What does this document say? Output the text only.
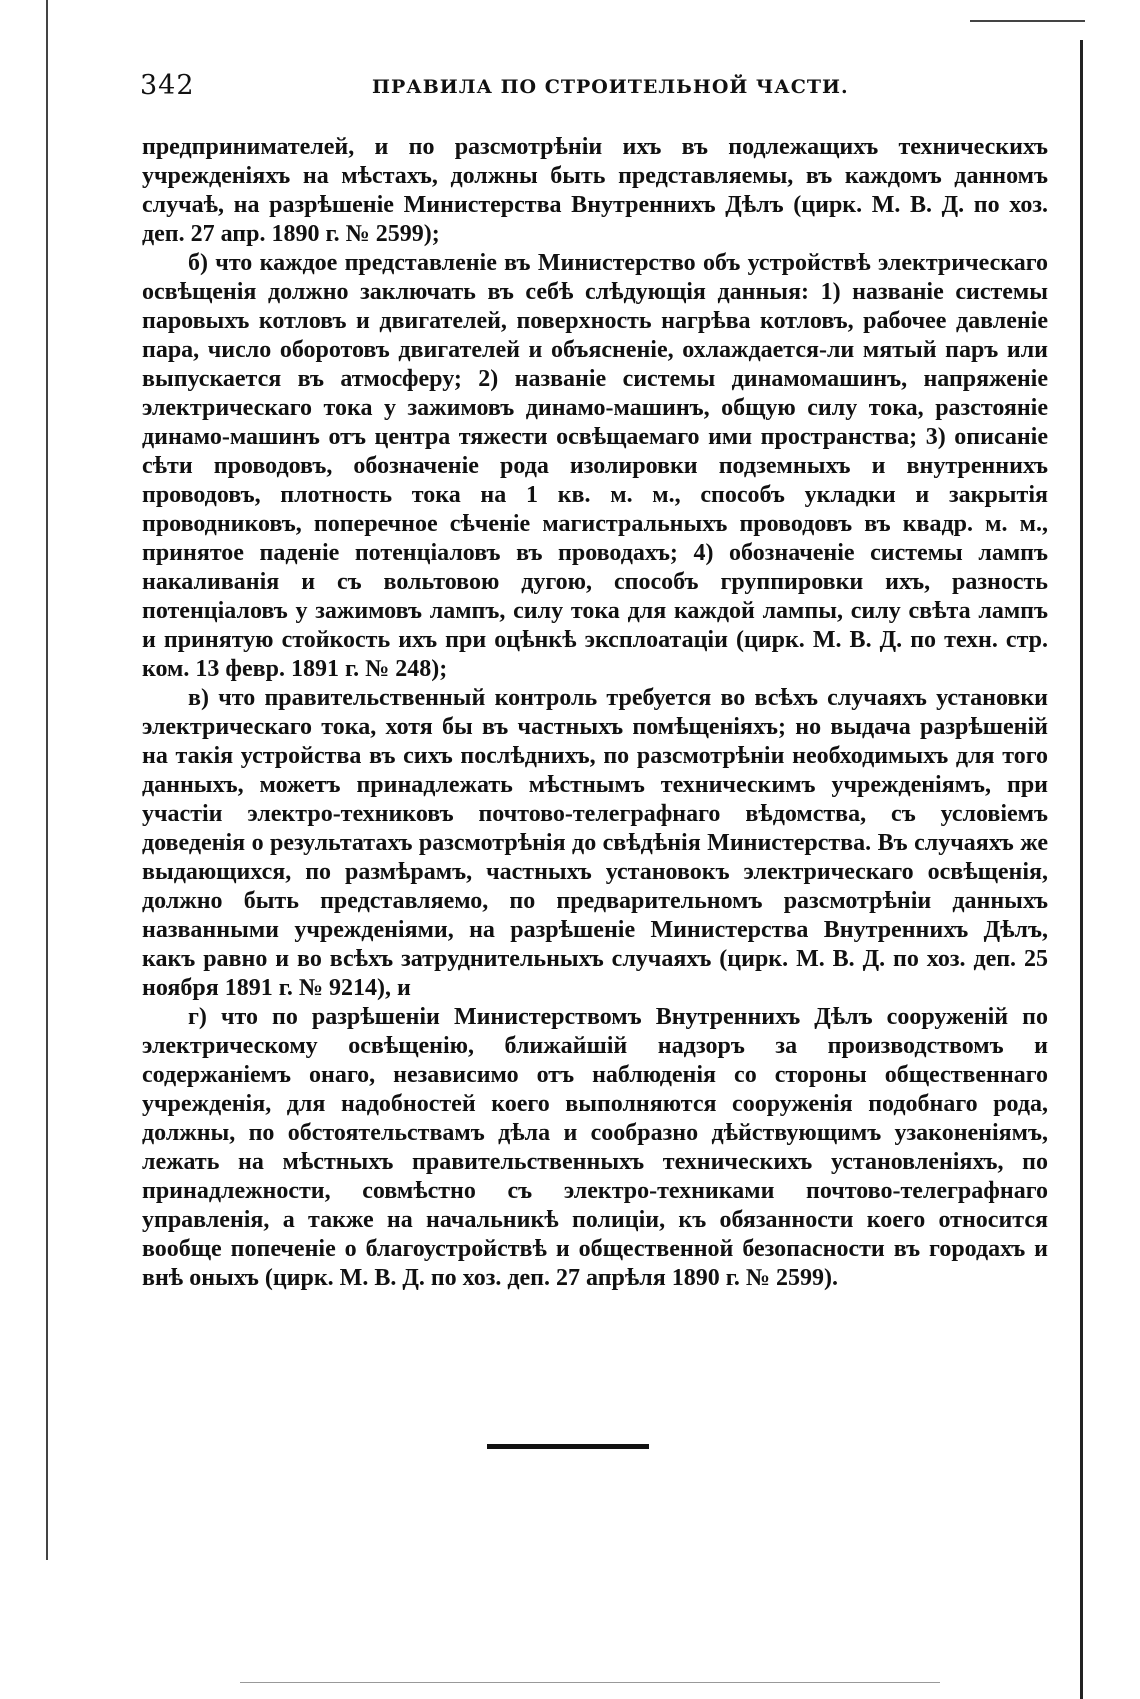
342	ПРАВИЛА ПО СТРОИТЕЛЬНОЙ ЧАСТИ.

предпринимателей, и по разсмотрѣніи ихъ въ подлежащихъ техническихъ учрежденіяхъ на мѣстахъ, должны быть представляемы, въ каждомъ данномъ случаѣ, на разрѣшеніе Министерства Внутреннихъ Дѣлъ (цирк. М. В. Д. по хоз. деп. 27 апр. 1890 г. № 2599);

б) что каждое представленіе въ Министерство объ устройствѣ электрическаго освѣщенія должно заключать въ себѣ слѣдующія данныя: 1) названіе системы паровыхъ котловъ и двигателей, поверхность нагрѣва котловъ, рабочее давленіе пара, число оборотовъ двигателей и объясненіе, охлаждается-ли мятый паръ или выпускается въ атмосферу; 2) названіе системы динамомашинъ, напряженіе электрическаго тока у зажимовъ динамо-машинъ, общую силу тока, разстояніе динамо-машинъ отъ центра тяжести освѣщаемаго ими пространства; 3) описаніе сѣти проводовъ, обозначеніе рода изолировки подземныхъ и внутреннихъ проводовъ, плотность тока на 1 кв. м. м., способъ укладки и закрытія проводниковъ, поперечное сѣченіе магистральныхъ проводовъ въ квадр. м. м., принятое паденіе потенціаловъ въ проводахъ; 4) обозначеніе системы лампъ накаливанія и съ вольтовою дугою, способъ группировки ихъ, разность потенціаловъ у зажимовъ лампъ, силу тока для каждой лампы, силу свѣта лампъ и принятую стойкость ихъ при оцѣнкѣ эксплоатаціи (цирк. М. В. Д. по техн. стр. ком. 13 февр. 1891 г. № 248);

в) что правительственный контроль требуется во всѣхъ случаяхъ установки электрическаго тока, хотя бы въ частныхъ помѣщеніяхъ; но выдача разрѣшеній на такія устройства въ сихъ послѣднихъ, по разсмотрѣніи необходимыхъ для того данныхъ, можетъ принадлежать мѣстнымъ техническимъ учрежденіямъ, при участіи электро-техниковъ почтово-телеграфнаго вѣдомства, съ условіемъ доведенія о результатахъ разсмотрѣнія до свѣдѣнія Министерства. Въ случаяхъ же выдающихся, по размѣрамъ, частныхъ установокъ электрическаго освѣщенія, должно быть представляемо, по предварительномъ разсмотрѣніи данныхъ названными учрежденіями, на разрѣшеніе Министерства Внутреннихъ Дѣлъ, какъ равно и во всѣхъ затруднительныхъ случаяхъ (цирк. М. В. Д. по хоз. деп. 25 ноября 1891 г. № 9214), и

г) что по разрѣшеніи Министерствомъ Внутреннихъ Дѣлъ сооруженій по электрическому освѣщенію, ближайшій надзоръ за производствомъ и содержаніемъ онаго, независимо отъ наблюденія со стороны общественнаго учрежденія, для надобностей коего выполняются сооруженія подобнаго рода, должны, по обстоятельствамъ дѣла и сообразно дѣйствующимъ узаконеніямъ, лежать на мѣстныхъ правительственныхъ техническихъ установленіяхъ, по принадлежности, совмѣстно съ электро-техниками почтово-телеграфнаго управленія, а также на начальникѣ полиціи, къ обязанности коего относится вообще попеченіе о благоустройствѣ и общественной безопасности въ городахъ и внѣ оныхъ (цирк. М. В. Д. по хоз. деп. 27 апрѣля 1890 г. № 2599).
